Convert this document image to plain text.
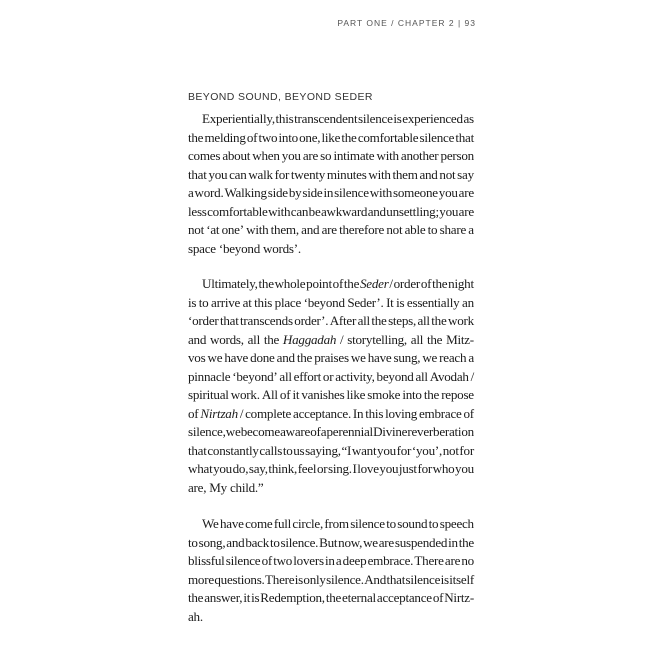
PART ONE / CHAPTER 2 | 93
BEYOND SOUND, BEYOND SEDER
Experientially, this transcendent silence is experienced as
the melding of two into one, like the comfortable silence that
comes about when you are so intimate with another person
that you can walk for twenty minutes with them and not say
a word. Walking side by side in silence with someone you are
less comfortable with can be awkward and unsettling; you are
not ‘at one’ with them, and are therefore not able to share a
space ‘beyond words’.
Ultimately, the whole point of the Seder / order of the night
is to arrive at this place ‘beyond Seder’. It is essentially an
‘order that transcends order’. After all the steps, all the work
and words, all the Haggadah / storytelling, all the Mitz-
vos we have done and the praises we have sung, we reach a
pinnacle ‘beyond’ all effort or activity, beyond all Avodah /
spiritual work. All of it vanishes like smoke into the repose
of Nirtzah / complete acceptance. In this loving embrace of
silence, we become aware of a perennial Divine reverberation
that constantly calls to us saying, “I want you for ‘you’, not for
what you do, say, think, feel or sing. I love you just for who you
are, My child.”
We have come full circle, from silence to sound to speech
to song, and back to silence. But now, we are suspended in the
blissful silence of two lovers in a deep embrace. There are no
more questions. There is only silence. And that silence is itself
the answer, it is Redemption, the eternal acceptance of Nirtz-
ah.
